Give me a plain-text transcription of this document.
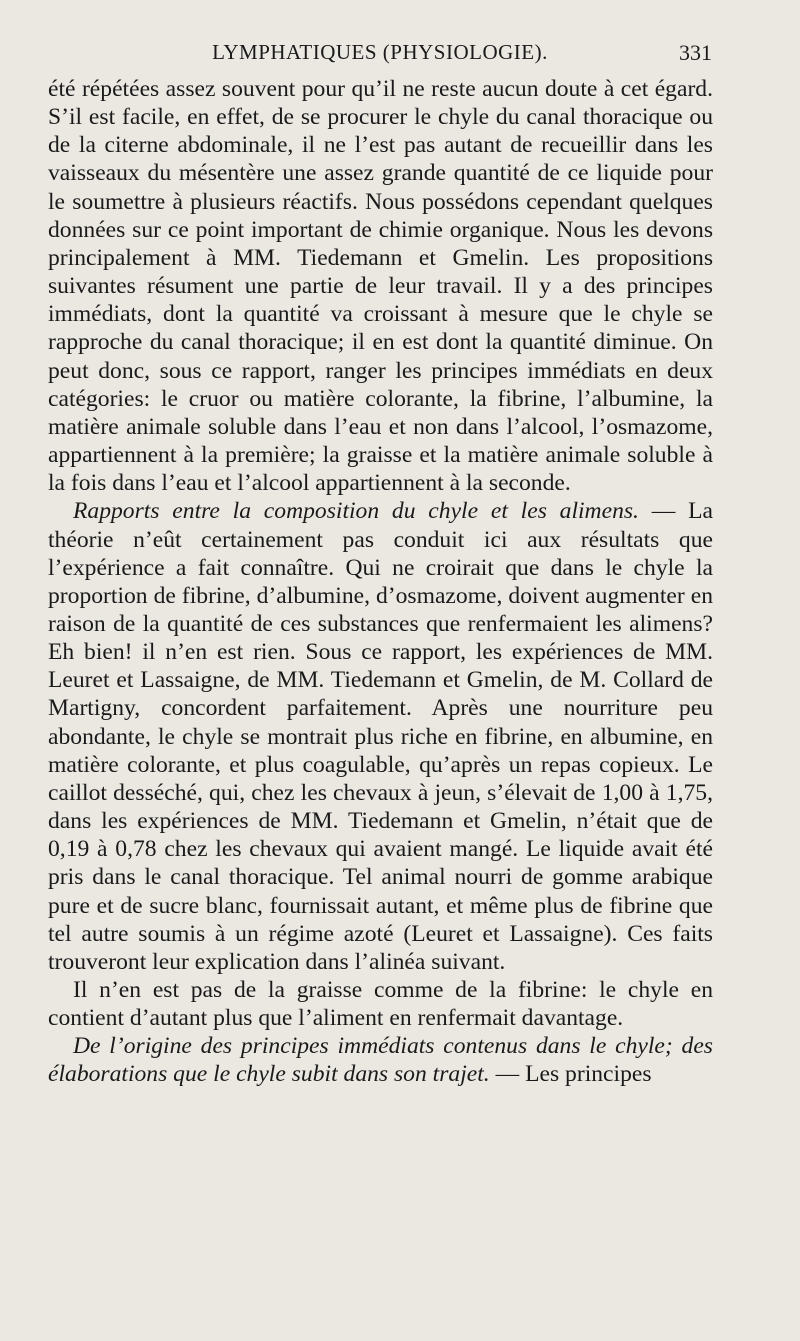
LYMPHATIQUES (PHYSIOLOGIE).	331

été répétées assez souvent pour qu’il ne reste aucun doute à cet égard. S’il est facile, en effet, de se procurer le chyle du canal thoracique ou de la citerne abdominale, il ne l’est pas autant de recueillir dans les vaisseaux du mésentère une assez grande quantité de ce liquide pour le soumettre à plusieurs réactifs. Nous possédons cependant quelques données sur ce point important de chimie organique. Nous les devons principalement à MM. Tiedemann et Gmelin. Les propositions suivantes résument une partie de leur travail. Il y a des principes immédiats, dont la quantité va croissant à mesure que le chyle se rapproche du canal thoracique; il en est dont la quantité diminue. On peut donc, sous ce rapport, ranger les principes immédiats en deux catégories: le cruor ou matière colorante, la fibrine, l’albumine, la matière animale soluble dans l’eau et non dans l’alcool, l’osmazome, appartiennent à la première; la graisse et la matière animale soluble à la fois dans l’eau et l’alcool appartiennent à la seconde.

Rapports entre la composition du chyle et les alimens. — La théorie n’eût certainement pas conduit ici aux résultats que l’expérience a fait connaître. Qui ne croirait que dans le chyle la proportion de fibrine, d’albumine, d’osmazome, doivent augmenter en raison de la quantité de ces substances que renfermaient les alimens? Eh bien! il n’en est rien. Sous ce rapport, les expériences de MM. Leuret et Lassaigne, de MM. Tiedemann et Gmelin, de M. Collard de Martigny, concordent parfaitement. Après une nourriture peu abondante, le chyle se montrait plus riche en fibrine, en albumine, en matière colorante, et plus coagulable, qu’après un repas copieux. Le caillot desséché, qui, chez les chevaux à jeun, s’élevait de 1,00 à 1,75, dans les expériences de MM. Tiedemann et Gmelin, n’était que de 0,19 à 0,78 chez les chevaux qui avaient mangé. Le liquide avait été pris dans le canal thoracique. Tel animal nourri de gomme arabique pure et de sucre blanc, fournissait autant, et même plus de fibrine que tel autre soumis à un régime azoté (Leuret et Lassaigne). Ces faits trouveront leur explication dans l’alinéa suivant.

Il n’en est pas de la graisse comme de la fibrine: le chyle en contient d’autant plus que l’aliment en renfermait davantage.

De l’origine des principes immédiats contenus dans le chyle; des élaborations que le chyle subit dans son trajet. — Les principes
